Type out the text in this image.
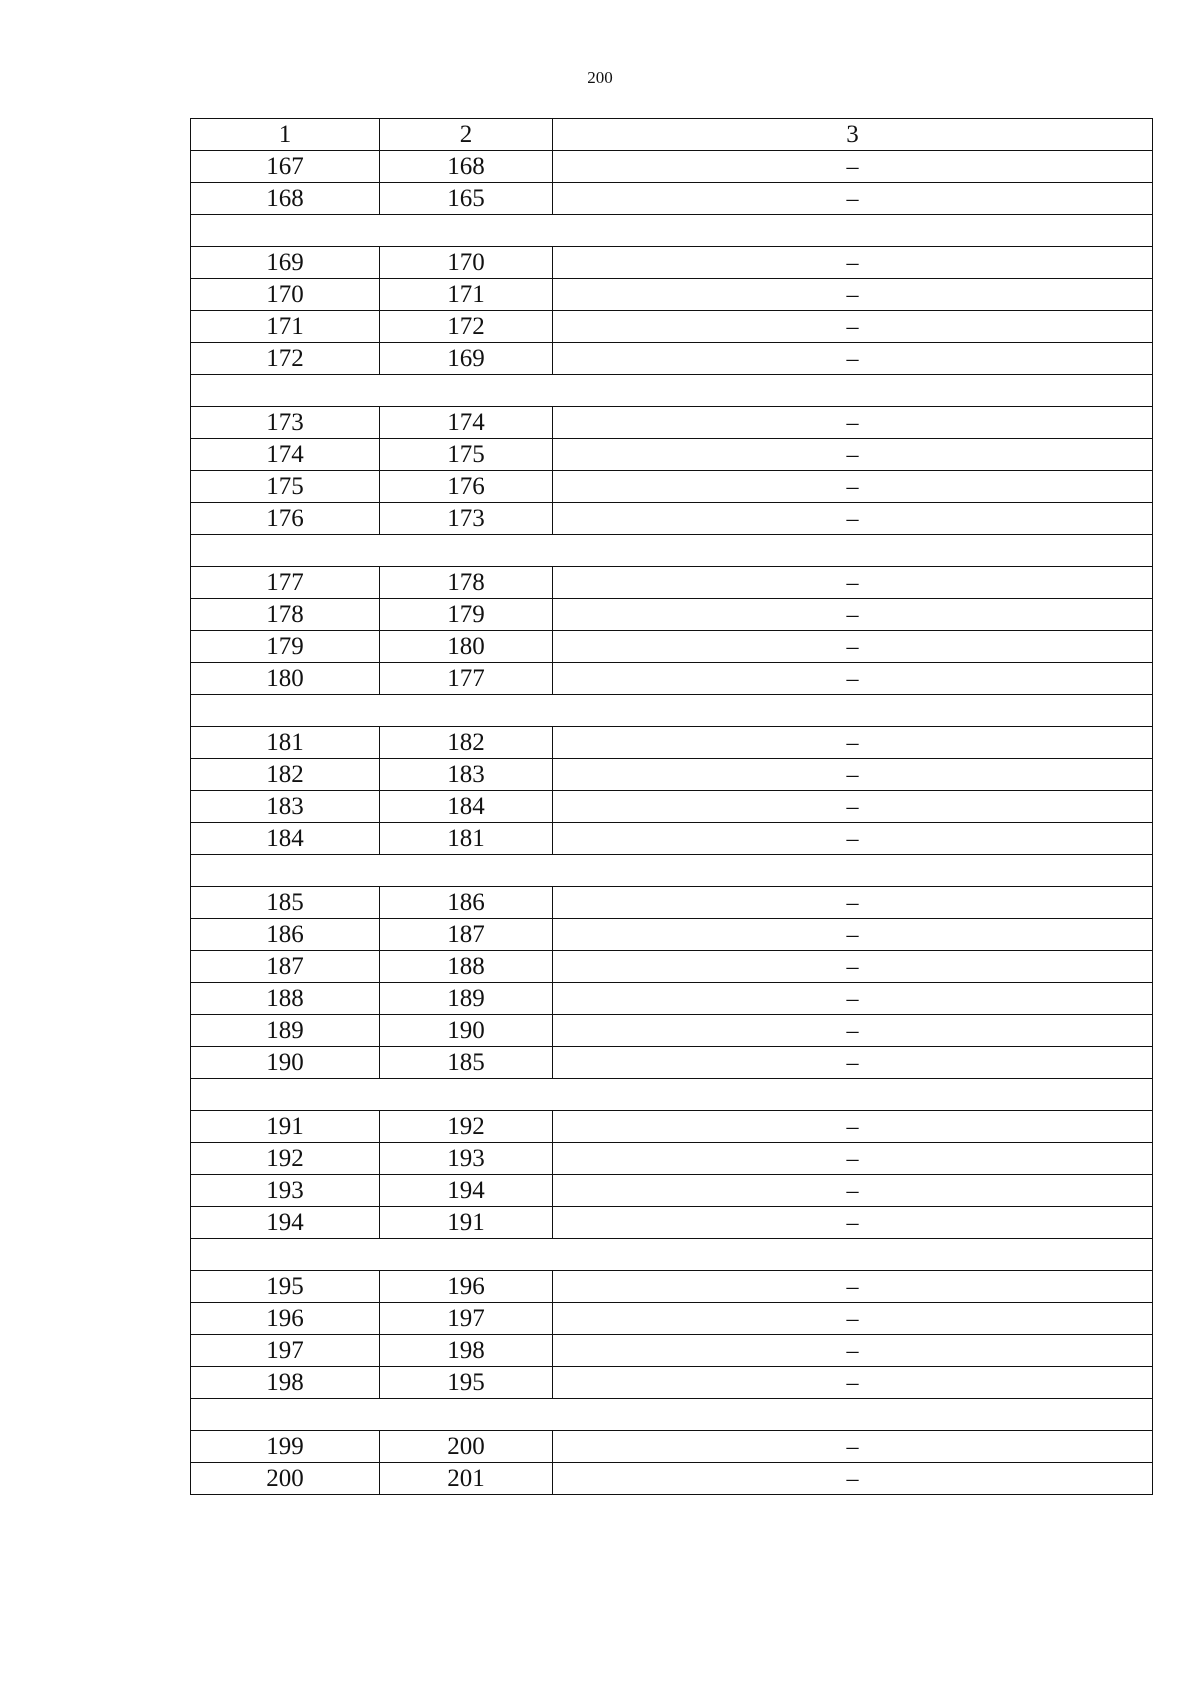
200
1	2	3
167	168	–
168	165	–

169	170	–
170	171	–
171	172	–
172	169	–

173	174	–
174	175	–
175	176	–
176	173	–

177	178	–
178	179	–
179	180	–
180	177	–

181	182	–
182	183	–
183	184	–
184	181	–

185	186	–
186	187	–
187	188	–
188	189	–
189	190	–
190	185	–

191	192	–
192	193	–
193	194	–
194	191	–

195	196	–
196	197	–
197	198	–
198	195	–

199	200	–
200	201	–
